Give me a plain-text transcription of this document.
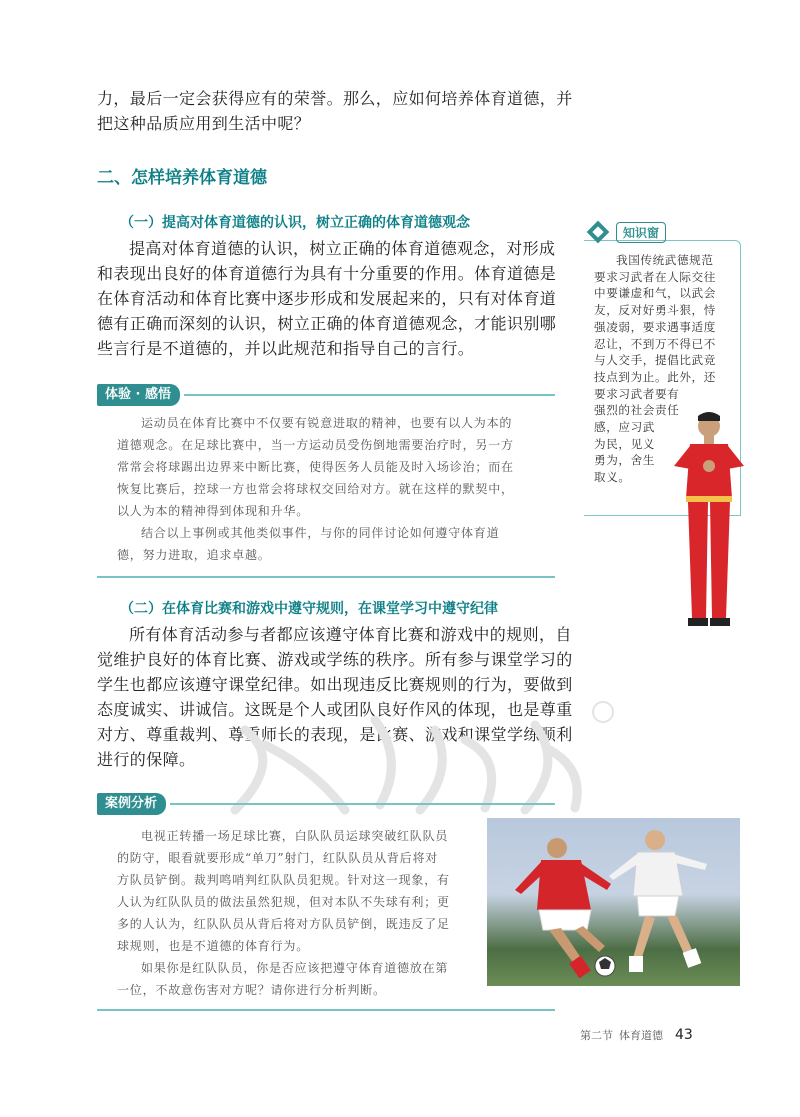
力，最后一定会获得应有的荣誉。那么，应如何培养体育道德，并

把这种品质应用到生活中呢？

二、怎样培养体育道德
（一）提高对体育道德的认识，树立正确的体育道德观念

提高对体育道德的认识，树立正确的体育道德观念，对形成

和表现出良好的体育道德行为具有十分重要的作用。体育道德是

在体育活动和体育比赛中逐步形成和发展起来的，只有对体育道

德有正确而深刻的认识，树立正确的体育道德观念，才能识别哪

些言行是不道德的，并以此规范和指导自己的言行。

体验 · 感悟

运动员在体育比赛中不仅要有锐意进取的精神，也要有以人为本的

道德观念。在足球比赛中，当一方运动员受伤倒地需要治疗时，另一方

常常会将球踢出边界来中断比赛，使得医务人员能及时入场诊治；而在

恢复比赛后，控球一方也常会将球权交回给对方。就在这样的默契中，

以人为本的精神得到体现和升华。

结合以上事例或其他类似事件，与你的同伴讨论如何遵守体育道

德，努力进取，追求卓越。

（二）在体育比赛和游戏中遵守规则，在课堂学习中遵守纪律

所有体育活动参与者都应该遵守体育比赛和游戏中的规则，自

觉维护良好的体育比赛、游戏或学练的秩序。所有参与课堂学习的

学生也都应该遵守课堂纪律。如出现违反比赛规则的行为，要做到

态度诚实、讲诚信。这既是个人或团队良好作风的体现，也是尊重

对方、尊重裁判、尊重师长的表现，是比赛、游戏和课堂学练顺利

进行的保障。

案例分析

电视正转播一场足球比赛，白队队员运球突破红队队员

的防守，眼看就要形成“单刀”射门，红队队员从背后将对

方队员铲倒。裁判鸣哨判红队队员犯规。针对这一现象，有

人认为红队队员的做法虽然犯规，但对本队不失球有利；更

多的人认为，红队队员从背后将对方队员铲倒，既违反了足

球规则，也是不道德的体育行为。

如果你是红队队员，你是否应该把遵守体育道德放在第

一位，不故意伤害对方呢？请你进行分析判断。

知识窗

我国传统武德规范

要求习武者在人际交往

中要谦虚和气，以武会

友，反对好勇斗狠，恃

强凌弱，要求遇事适度

忍让，不到万不得已不

与人交手，提倡比武竞

技点到为止。此外，还

要求习武者要有

强烈的社会责任

感，应习武

为民，见义

勇为，舍生

取义。

第二节 体育道德 43
